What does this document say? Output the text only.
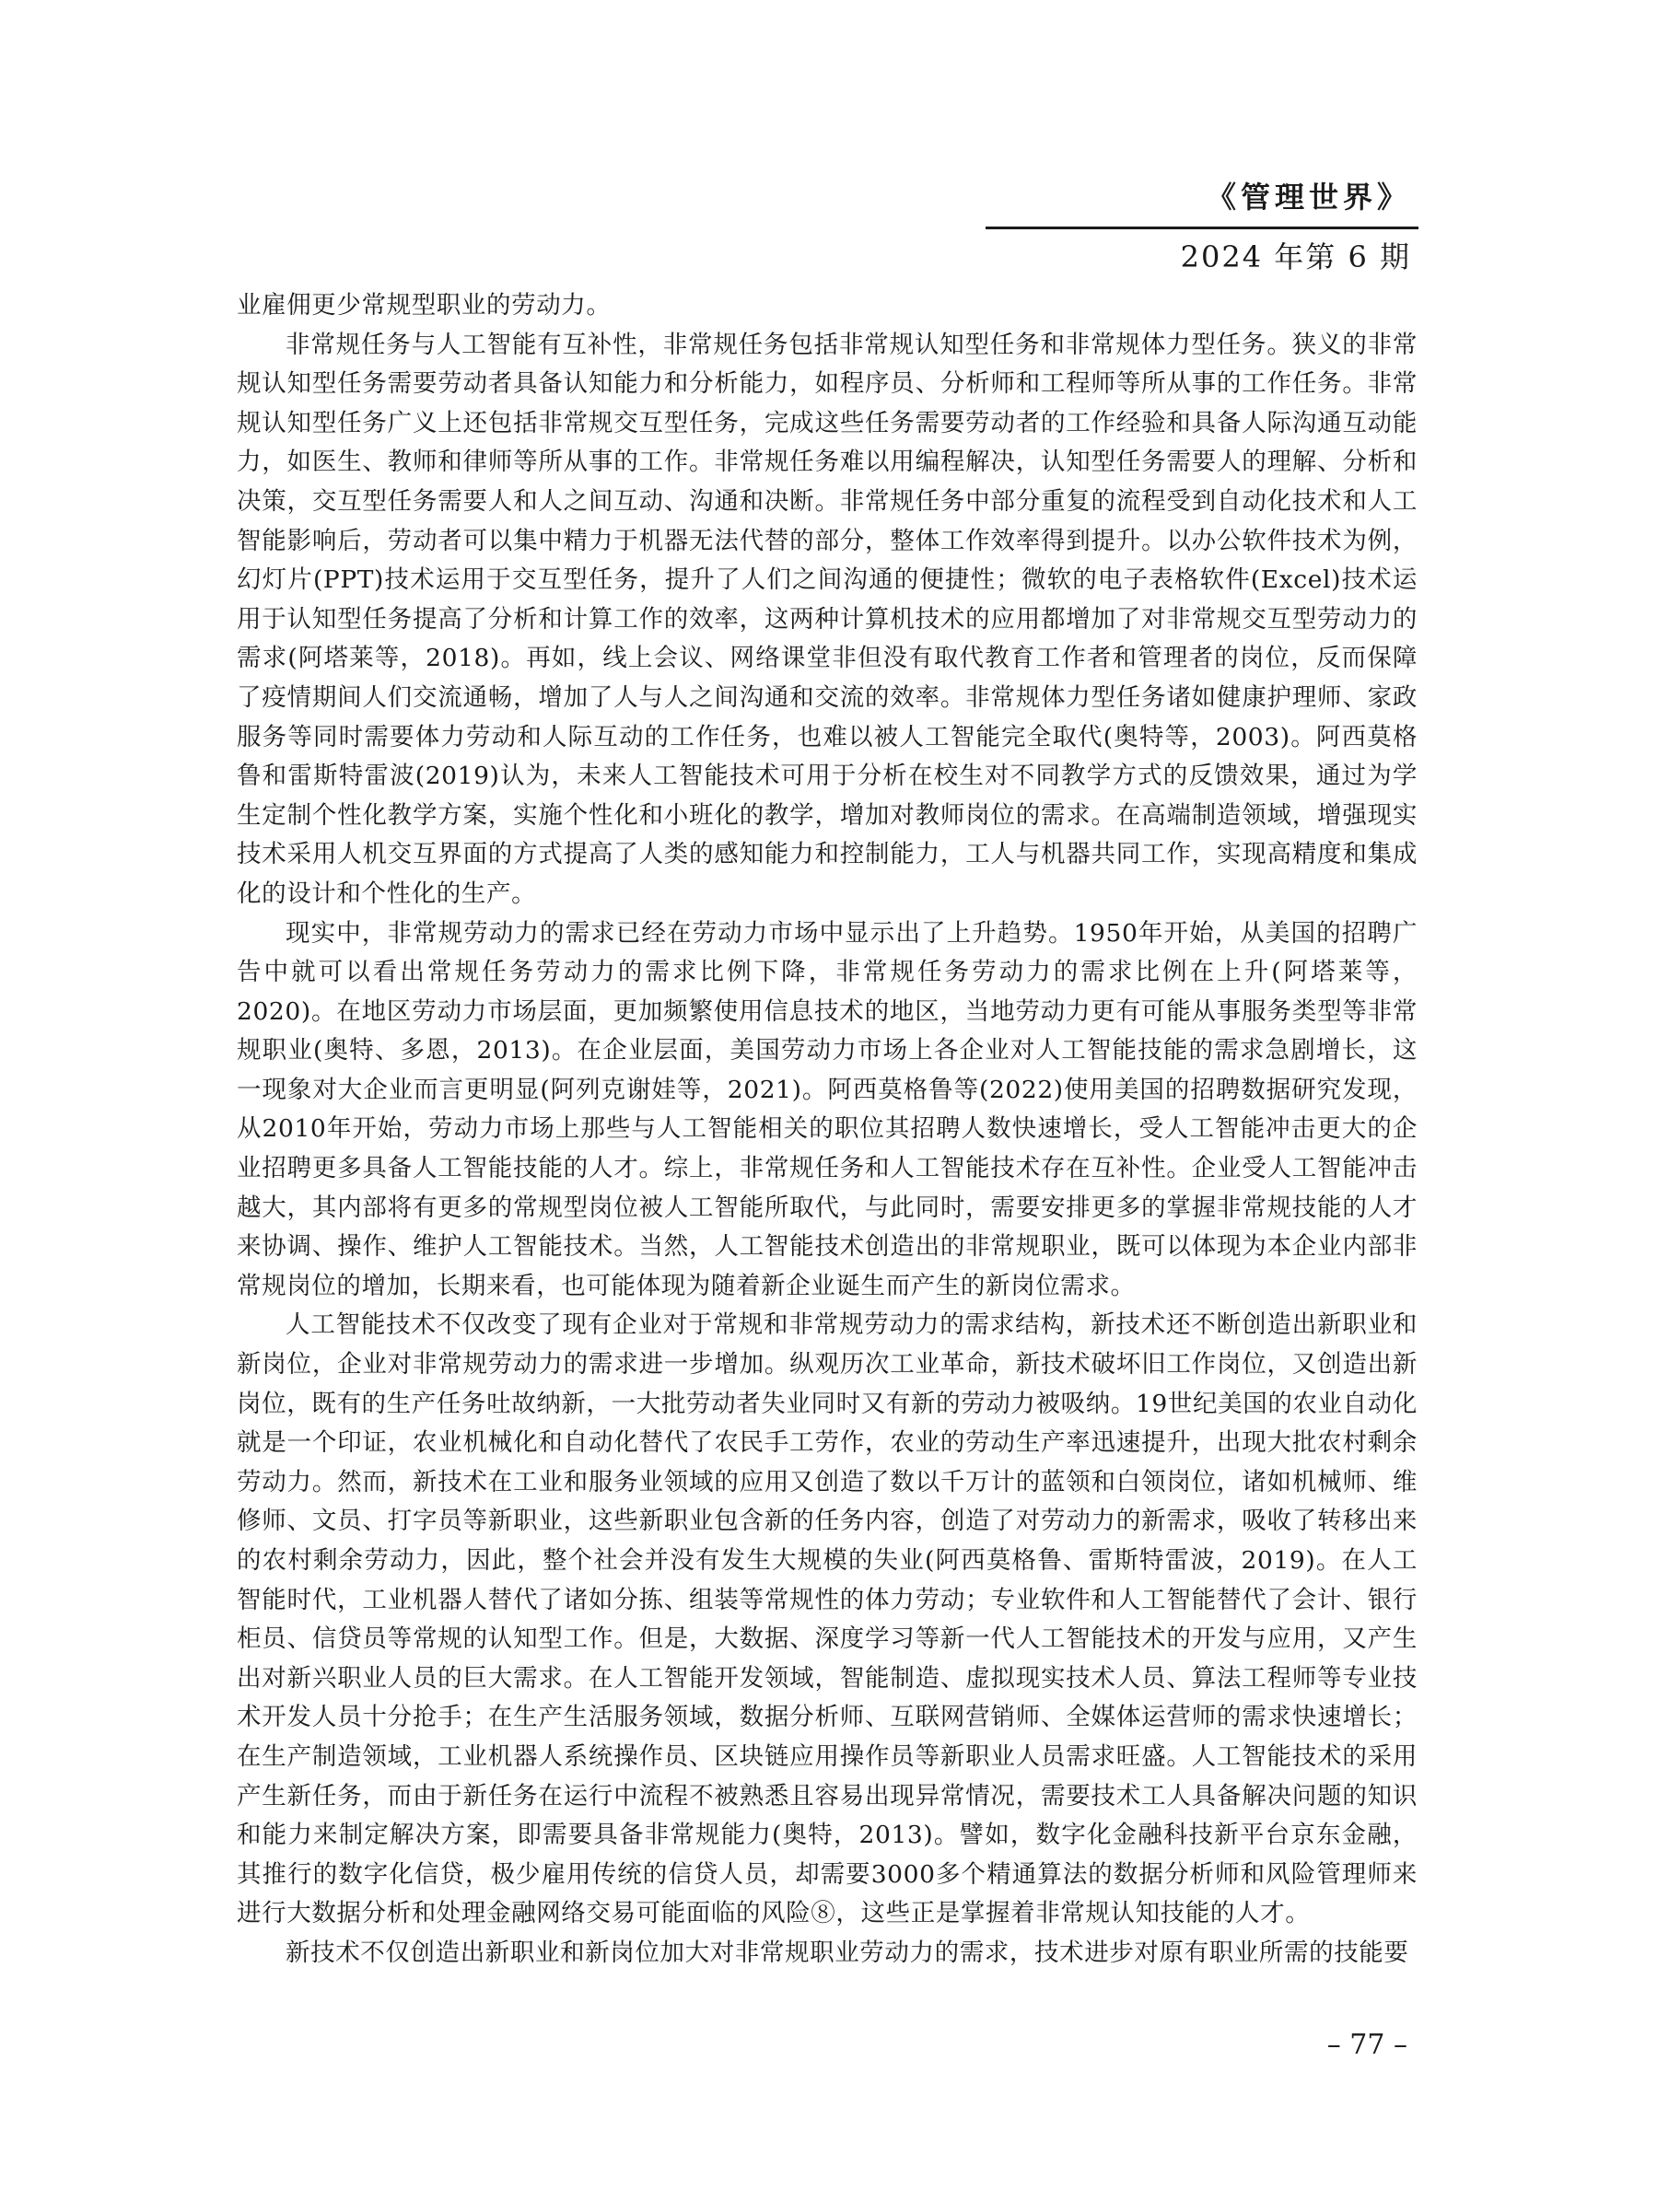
《管理世界》
2024 年第 6 期

业雇佣更少常规型职业的劳动力。

非常规任务与人工智能有互补性，非常规任务包括非常规认知型任务和非常规体力型任务。狭义的非常规认知型任务需要劳动者具备认知能力和分析能力，如程序员、分析师和工程师等所从事的工作任务。非常规认知型任务广义上还包括非常规交互型任务，完成这些任务需要劳动者的工作经验和具备人际沟通互动能力，如医生、教师和律师等所从事的工作。非常规任务难以用编程解决，认知型任务需要人的理解、分析和决策，交互型任务需要人和人之间互动、沟通和决断。非常规任务中部分重复的流程受到自动化技术和人工智能影响后，劳动者可以集中精力于机器无法代替的部分，整体工作效率得到提升。以办公软件技术为例，幻灯片(PPT)技术运用于交互型任务，提升了人们之间沟通的便捷性；微软的电子表格软件(Excel)技术运用于认知型任务提高了分析和计算工作的效率，这两种计算机技术的应用都增加了对非常规交互型劳动力的需求(阿塔莱等，2018)。再如，线上会议、网络课堂非但没有取代教育工作者和管理者的岗位，反而保障了疫情期间人们交流通畅，增加了人与人之间沟通和交流的效率。非常规体力型任务诸如健康护理师、家政服务等同时需要体力劳动和人际互动的工作任务，也难以被人工智能完全取代(奥特等，2003)。阿西莫格鲁和雷斯特雷波(2019)认为，未来人工智能技术可用于分析在校生对不同教学方式的反馈效果，通过为学生定制个性化教学方案，实施个性化和小班化的教学，增加对教师岗位的需求。在高端制造领域，增强现实技术采用人机交互界面的方式提高了人类的感知能力和控制能力，工人与机器共同工作，实现高精度和集成化的设计和个性化的生产。

现实中，非常规劳动力的需求已经在劳动力市场中显示出了上升趋势。1950年开始，从美国的招聘广告中就可以看出常规任务劳动力的需求比例下降，非常规任务劳动力的需求比例在上升(阿塔莱等，2020)。在地区劳动力市场层面，更加频繁使用信息技术的地区，当地劳动力更有可能从事服务类型等非常规职业(奥特、多恩，2013)。在企业层面，美国劳动力市场上各企业对人工智能技能的需求急剧增长，这一现象对大企业而言更明显(阿列克谢娃等，2021)。阿西莫格鲁等(2022)使用美国的招聘数据研究发现，从2010年开始，劳动力市场上那些与人工智能相关的职位其招聘人数快速增长，受人工智能冲击更大的企业招聘更多具备人工智能技能的人才。综上，非常规任务和人工智能技术存在互补性。企业受人工智能冲击越大，其内部将有更多的常规型岗位被人工智能所取代，与此同时，需要安排更多的掌握非常规技能的人才来协调、操作、维护人工智能技术。当然，人工智能技术创造出的非常规职业，既可以体现为本企业内部非常规岗位的增加，长期来看，也可能体现为随着新企业诞生而产生的新岗位需求。

人工智能技术不仅改变了现有企业对于常规和非常规劳动力的需求结构，新技术还不断创造出新职业和新岗位，企业对非常规劳动力的需求进一步增加。纵观历次工业革命，新技术破坏旧工作岗位，又创造出新岗位，既有的生产任务吐故纳新，一大批劳动者失业同时又有新的劳动力被吸纳。19世纪美国的农业自动化就是一个印证，农业机械化和自动化替代了农民手工劳作，农业的劳动生产率迅速提升，出现大批农村剩余劳动力。然而，新技术在工业和服务业领域的应用又创造了数以千万计的蓝领和白领岗位，诸如机械师、维修师、文员、打字员等新职业，这些新职业包含新的任务内容，创造了对劳动力的新需求，吸收了转移出来的农村剩余劳动力，因此，整个社会并没有发生大规模的失业(阿西莫格鲁、雷斯特雷波，2019)。在人工智能时代，工业机器人替代了诸如分拣、组装等常规性的体力劳动；专业软件和人工智能替代了会计、银行柜员、信贷员等常规的认知型工作。但是，大数据、深度学习等新一代人工智能技术的开发与应用，又产生出对新兴职业人员的巨大需求。在人工智能开发领域，智能制造、虚拟现实技术人员、算法工程师等专业技术开发人员十分抢手；在生产生活服务领域，数据分析师、互联网营销师、全媒体运营师的需求快速增长；在生产制造领域，工业机器人系统操作员、区块链应用操作员等新职业人员需求旺盛。人工智能技术的采用产生新任务，而由于新任务在运行中流程不被熟悉且容易出现异常情况，需要技术工人具备解决问题的知识和能力来制定解决方案，即需要具备非常规能力(奥特，2013)。譬如，数字化金融科技新平台京东金融，其推行的数字化信贷，极少雇用传统的信贷人员，却需要3000多个精通算法的数据分析师和风险管理师来进行大数据分析和处理金融网络交易可能面临的风险⑧，这些正是掌握着非常规认知技能的人才。

新技术不仅创造出新职业和新岗位加大对非常规职业劳动力的需求，技术进步对原有职业所需的技能要

– 77 –
